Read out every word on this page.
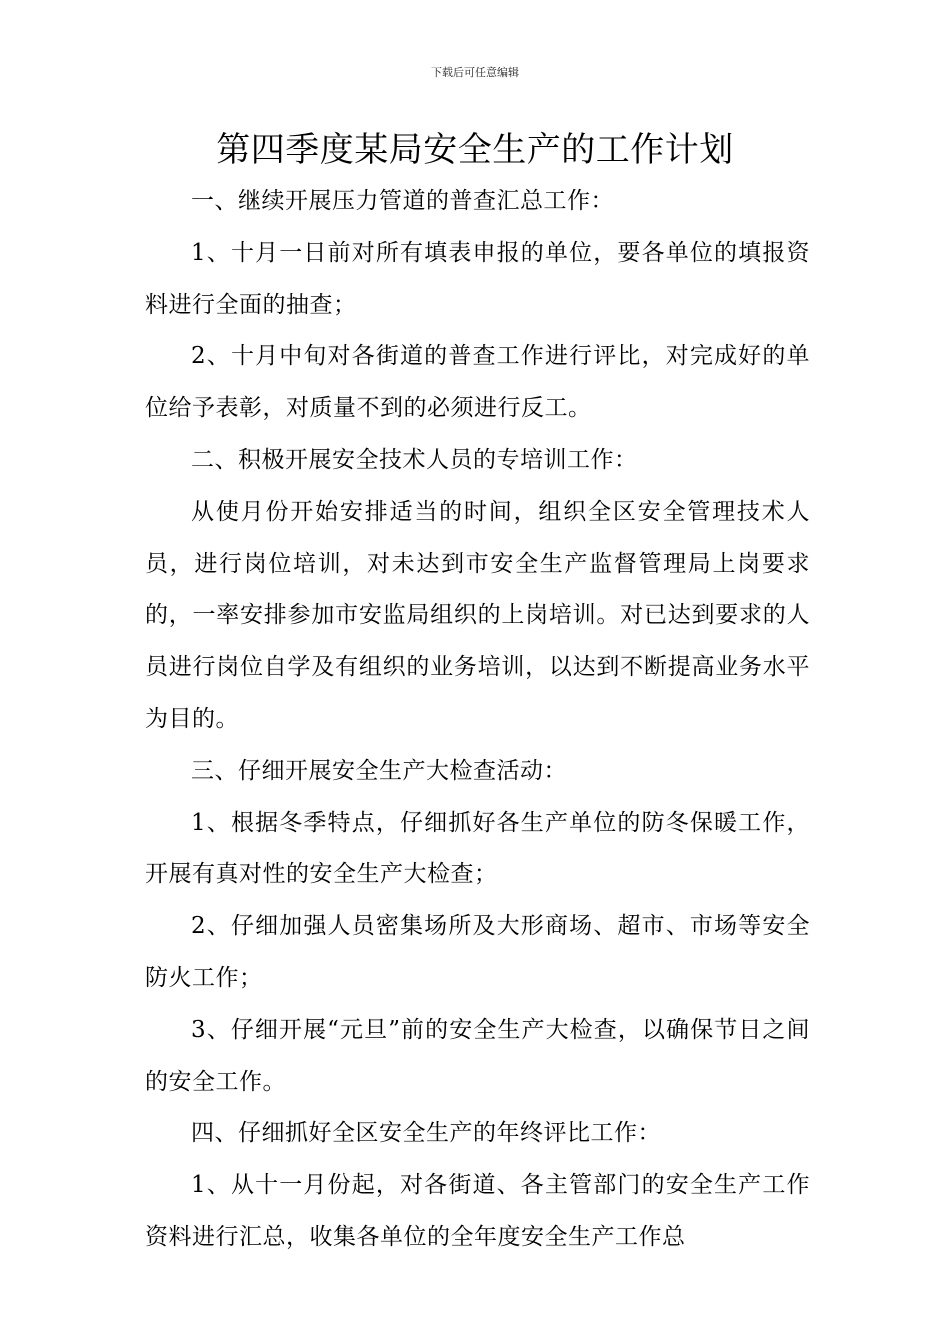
下载后可任意编辑
第四季度某局安全生产的工作计划

一、继续开展压力管道的普查汇总工作：

1、十月一日前对所有填表申报的单位，要各单位的填报资料进行全面的抽查；

2、十月中旬对各街道的普查工作进行评比，对完成好的单位给予表彰，对质量不到的必须进行反工。

二、积极开展安全技术人员的专培训工作：

从使月份开始安排适当的时间，组织全区安全管理技术人员，进行岗位培训，对未达到市安全生产监督管理局上岗要求的，一率安排参加市安监局组织的上岗培训。对已达到要求的人员进行岗位自学及有组织的业务培训，以达到不断提高业务水平为目的。

三、仔细开展安全生产大检查活动：

1、根据冬季特点，仔细抓好各生产单位的防冬保暖工作，开展有真对性的安全生产大检查；

2、仔细加强人员密集场所及大形商场、超市、市场等安全防火工作；

3、仔细开展“元旦”前的安全生产大检查，以确保节日之间的安全工作。

四、仔细抓好全区安全生产的年终评比工作：

1、从十一月份起，对各街道、各主管部门的安全生产工作资料进行汇总，收集各单位的全年度安全生产工作总
